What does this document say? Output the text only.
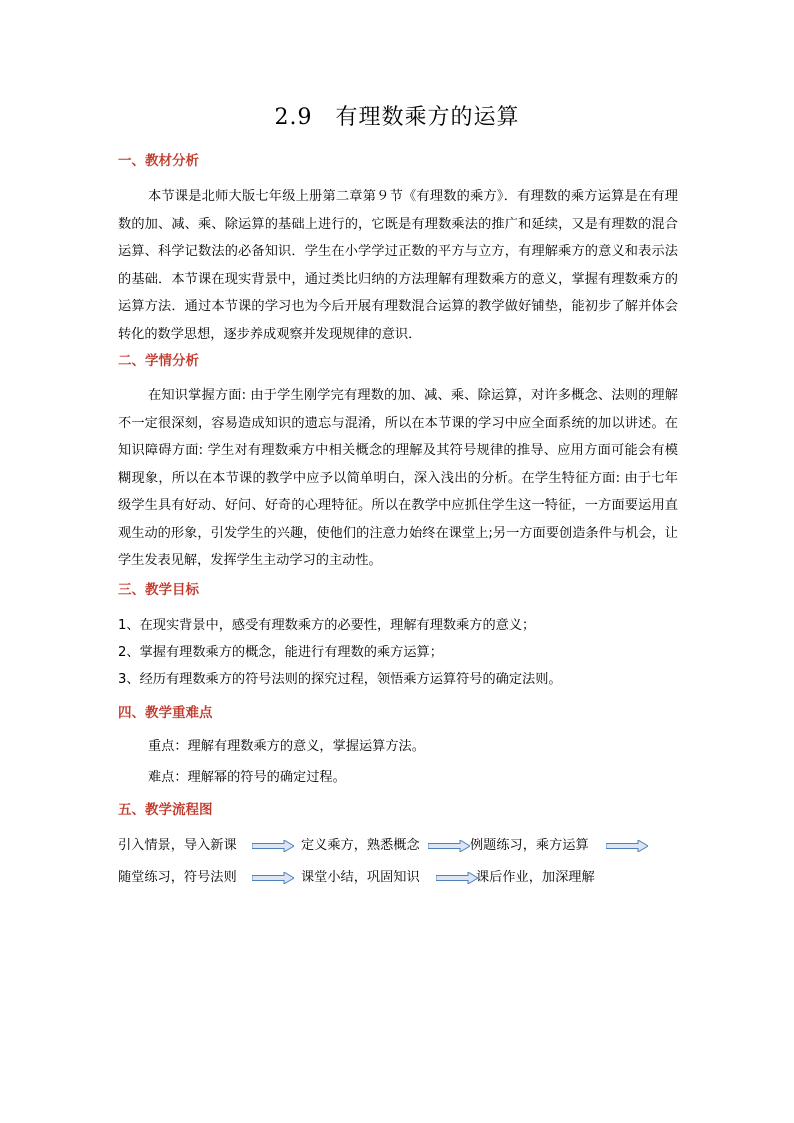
2.9　有理数乘方的运算
一、教材分析
本节课是北师大版七年级上册第二章第９节《有理数的乘方》．有理数的乘方运算是在有理数的加、减、乘、除运算的基础上进行的，它既是有理数乘法的推广和延续，又是有理数的混合运算、科学记数法的必备知识．学生在小学学过正数的平方与立方，有理解乘方的意义和表示法的基础．本节课在现实背景中，通过类比归纳的方法理解有理数乘方的意义，掌握有理数乘方的运算方法．通过本节课的学习也为今后开展有理数混合运算的教学做好铺垫，能初步了解并体会转化的数学思想，逐步养成观察并发现规律的意识．
二、学情分析
在知识掌握方面: 由于学生刚学完有理数的加、减、乘、除运算，对许多概念、法则的理解不一定很深刻，容易造成知识的遗忘与混淆，所以在本节课的学习中应全面系统的加以讲述。在知识障碍方面: 学生对有理数乘方中相关概念的理解及其符号规律的推导、应用方面可能会有模糊现象，所以在本节课的教学中应予以简单明白，深入浅出的分析。在学生特征方面: 由于七年级学生具有好动、好问、好奇的心理特征。所以在教学中应抓住学生这一特征，一方面要运用直观生动的形象，引发学生的兴趣，使他们的注意力始终在课堂上;另一方面要创造条件与机会，让学生发表见解，发挥学生主动学习的主动性。
三、教学目标
1、在现实背景中，感受有理数乘方的必要性，理解有理数乘方的意义；
2、掌握有理数乘方的概念，能进行有理数的乘方运算；
3、经历有理数乘方的符号法则的探究过程，领悟乘方运算符号的确定法则。
四、教学重难点
重点：理解有理数乘方的意义，掌握运算方法。
难点：理解幂的符号的确定过程。
五、教学流程图
引入情景，导入新课	定义乘方，熟悉概念	例题练习，乘方运算
随堂练习，符号法则	课堂小结，巩固知识	课后作业，加深理解
